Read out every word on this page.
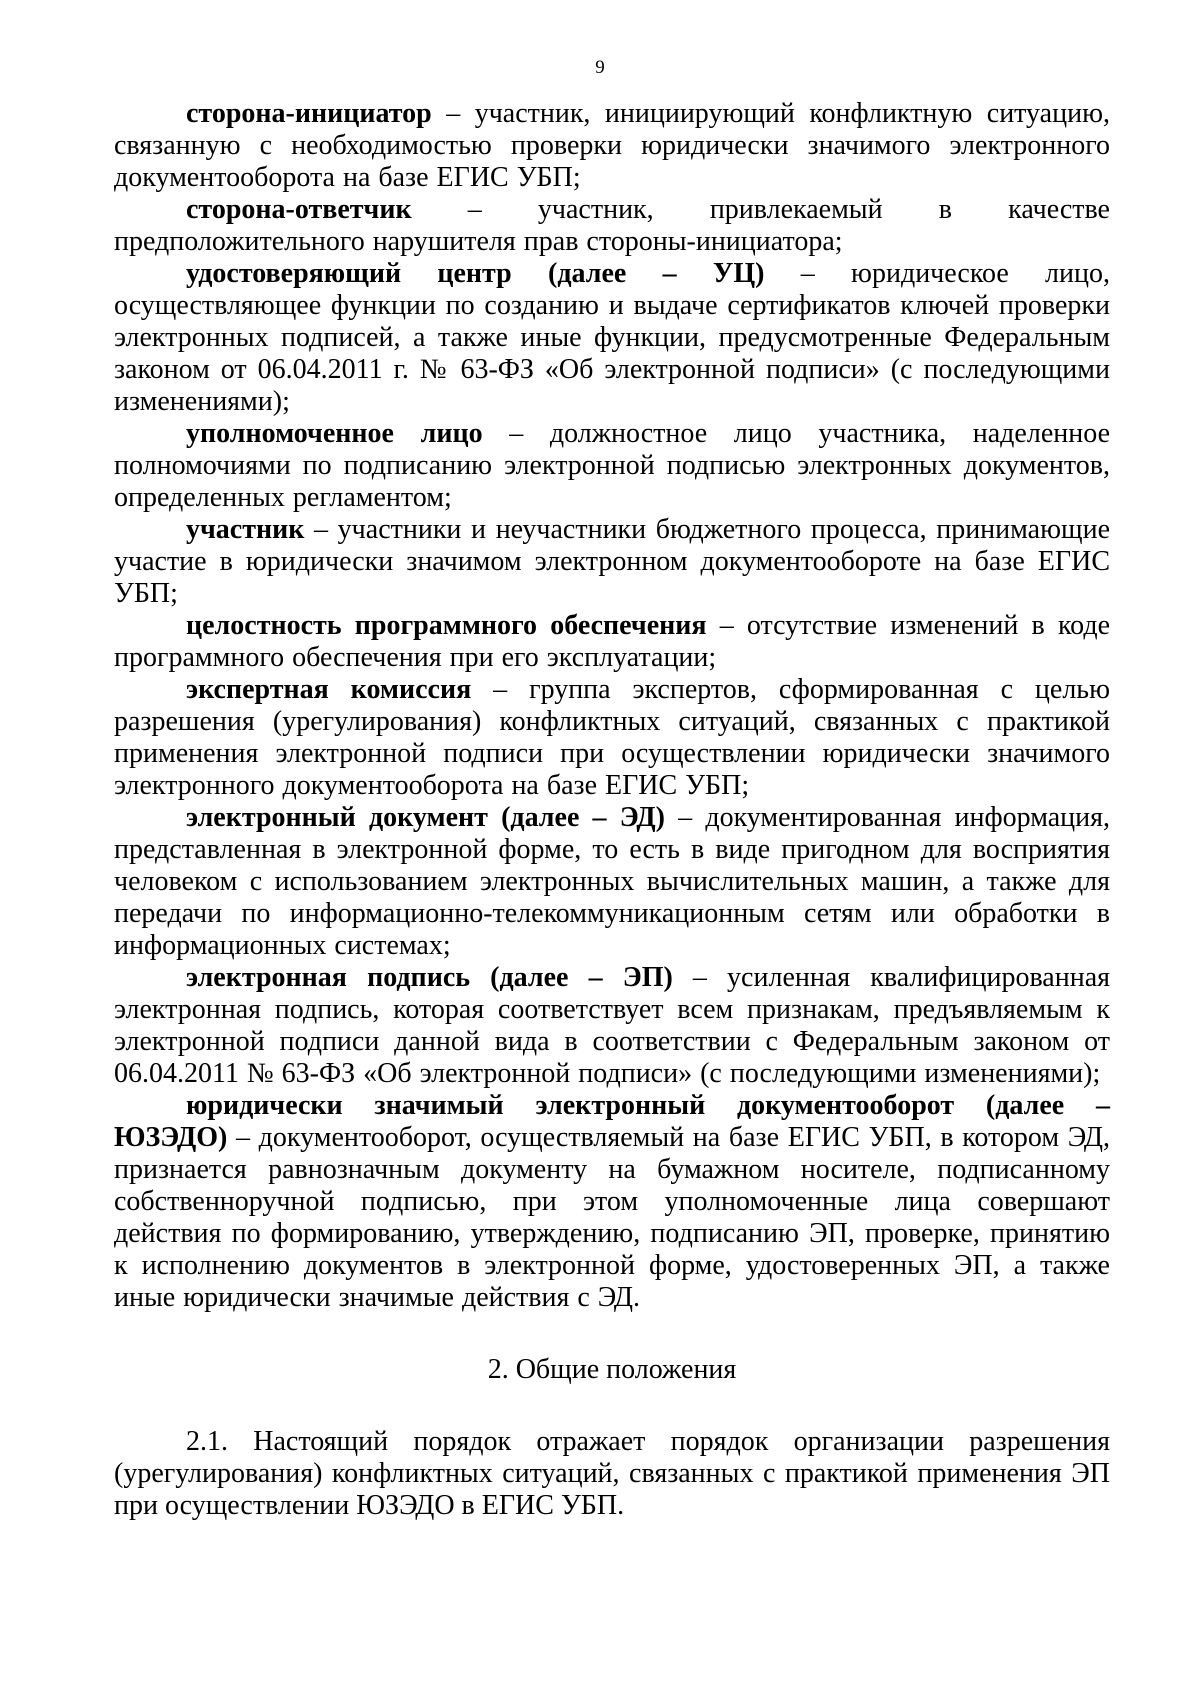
9

сторона-инициатор – участник, инициирующий конфликтную ситуацию, связанную с необходимостью проверки юридически значимого электронного документооборота на базе ЕГИС УБП;

сторона-ответчик – участник, привлекаемый в качестве предположительного нарушителя прав стороны-инициатора;

удостоверяющий центр (далее – УЦ) – юридическое лицо, осуществляющее функции по созданию и выдаче сертификатов ключей проверки электронных подписей, а также иные функции, предусмотренные Федеральным законом от 06.04.2011 г. № 63-ФЗ «Об электронной подписи» (с последующими изменениями);

уполномоченное лицо – должностное лицо участника, наделенное полномочиями по подписанию электронной подписью электронных документов, определенных регламентом;

участник – участники и неучастники бюджетного процесса, принимающие участие в юридически значимом электронном документообороте на базе ЕГИС УБП;

целостность программного обеспечения – отсутствие изменений в коде программного обеспечения при его эксплуатации;

экспертная комиссия – группа экспертов, сформированная с целью разрешения (урегулирования) конфликтных ситуаций, связанных с практикой применения электронной подписи при осуществлении юридически значимого электронного документооборота на базе ЕГИС УБП;

электронный документ (далее – ЭД) – документированная информация, представленная в электронной форме, то есть в виде пригодном для восприятия человеком с использованием электронных вычислительных машин, а также для передачи по информационно-телекоммуникационным сетям или обработки в информационных системах;

электронная подпись (далее – ЭП) – усиленная квалифицированная электронная подпись, которая соответствует всем признакам, предъявляемым к электронной подписи данной вида в соответствии с Федеральным законом от 06.04.2011 № 63-ФЗ «Об электронной подписи» (с последующими изменениями);

юридически значимый электронный документооборот (далее – ЮЗЭДО) – документооборот, осуществляемый на базе ЕГИС УБП, в котором ЭД, признается равнозначным документу на бумажном носителе, подписанному собственноручной подписью, при этом уполномоченные лица совершают действия по формированию, утверждению, подписанию ЭП, проверке, принятию к исполнению документов в электронной форме, удостоверенных ЭП, а также иные юридически значимые действия с ЭД.

2. Общие положения

2.1. Настоящий порядок отражает порядок организации разрешения (урегулирования) конфликтных ситуаций, связанных с практикой применения ЭП при осуществлении ЮЗЭДО в ЕГИС УБП.
